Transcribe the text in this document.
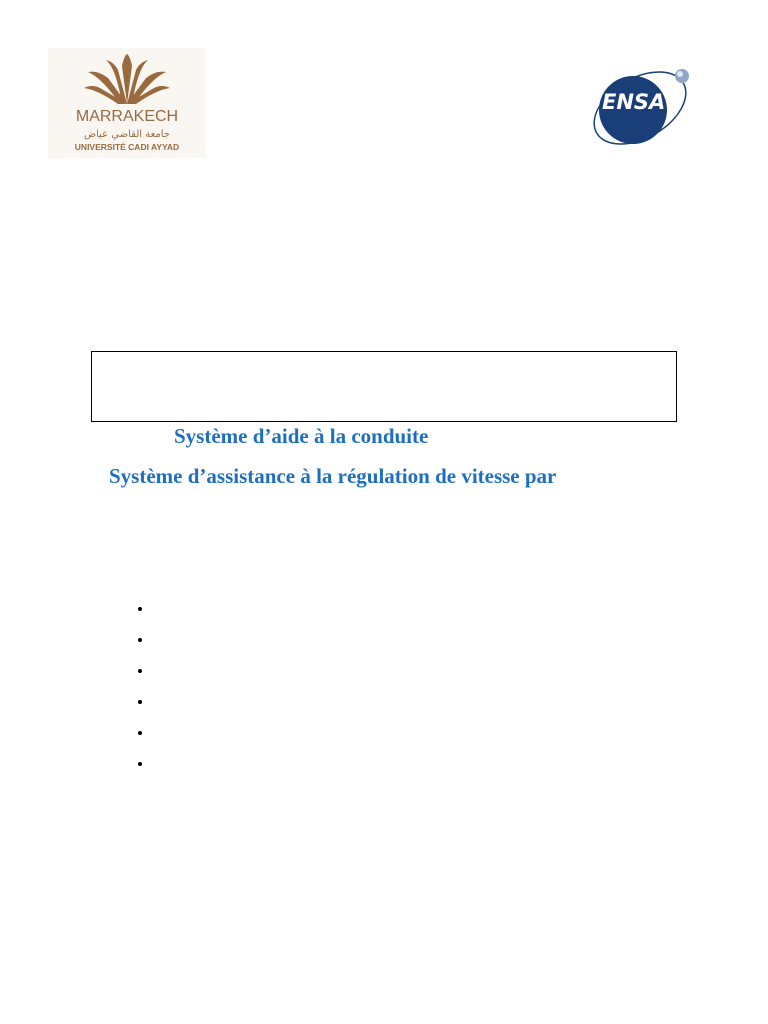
MARRAKECH
جامعة القاضي عياض
UNIVERSITÉ CADI AYYAD
ENSA
Marrakech
Système d’aide à la conduite
Système d’assistance à la régulation de vitesse par
